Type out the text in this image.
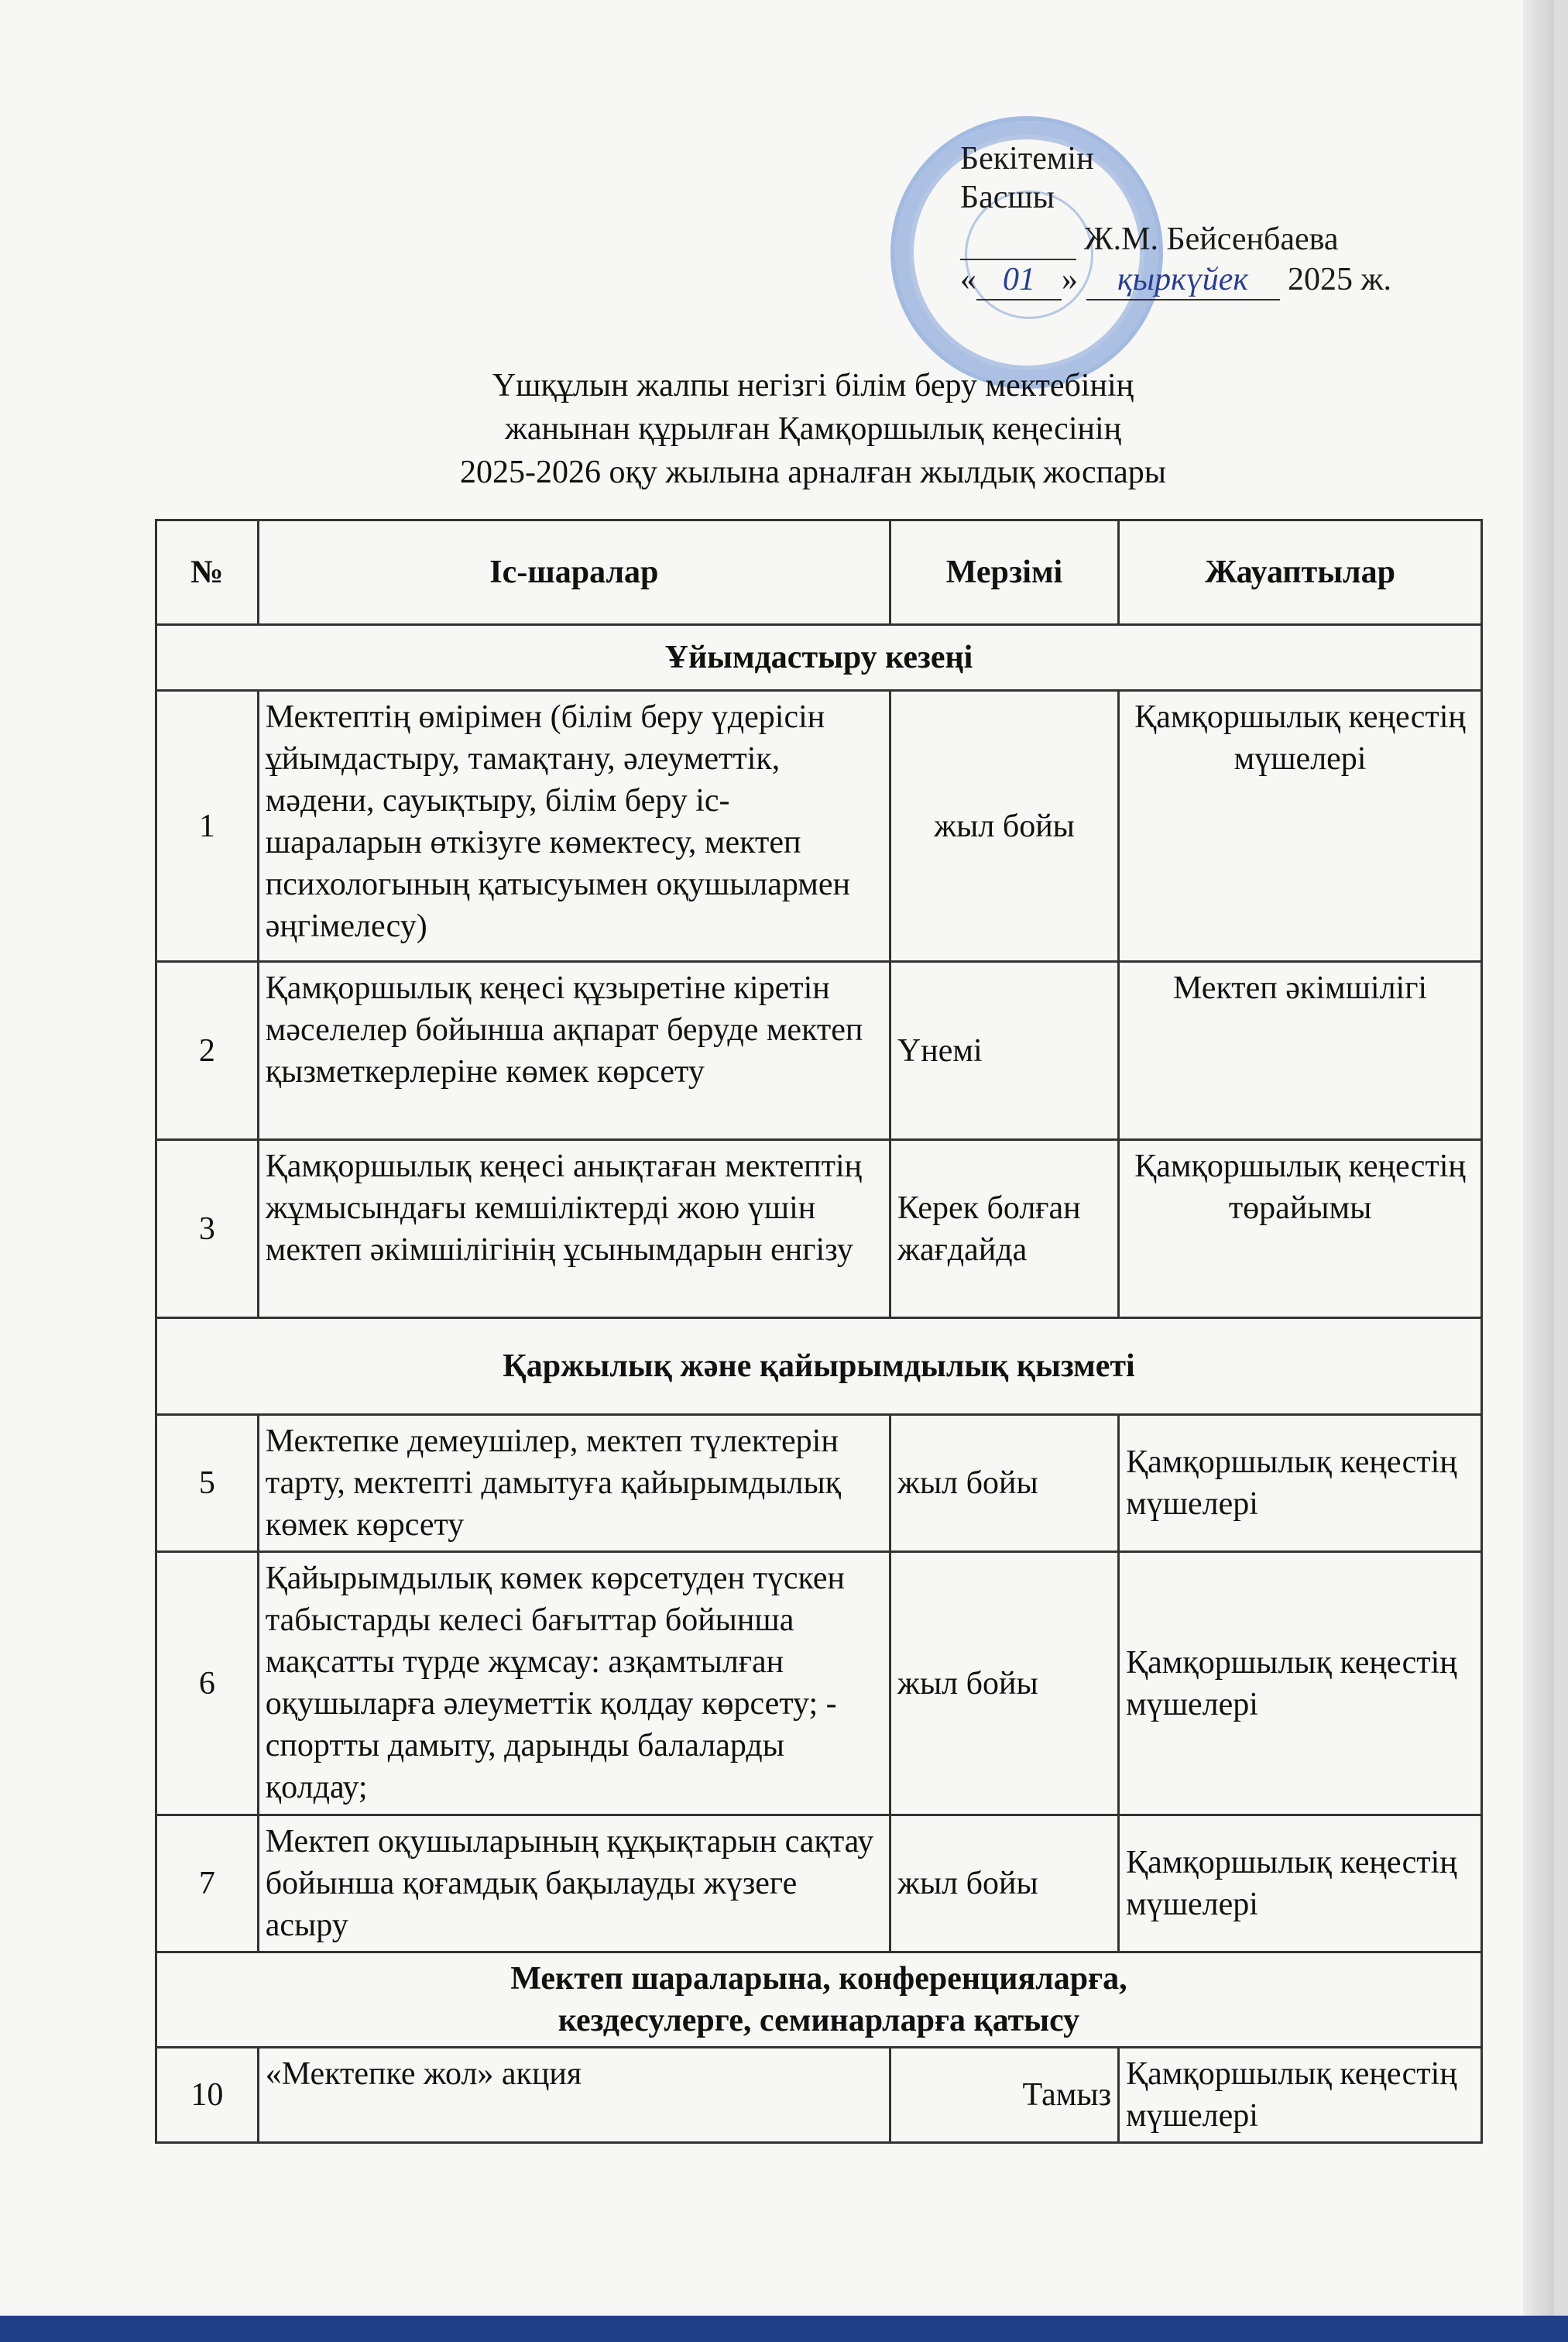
Бекітемін
Басшы
Ж.М. Бейсенбаева
« 01 » қыркүйек 2025 ж.
Үшқұлын жалпы негізгі білім беру мектебінің
жанынан құрылған Қамқоршылық кеңесінің
2025-2026 оқу жылына арналған жылдық жоспары
№	Іс-шаралар	Мерзімі	Жауаптылар
Ұйымдастыру кезеңі			
1	Мектептің өмірімен (білім беру үдерісін ұйымдастыру, тамақтану, әлеуметтік, мәдени, сауықтыру, білім беру іс-шараларын өткізуге көмектесу, мектеп психологының қатысуымен оқушылармен әңгімелесу)	жыл бойы	Қамқоршылық кеңестің мүшелері
2	Қамқоршылық кеңесі құзыретіне кіретін мәселелер бойынша ақпарат беруде мектеп қызметкерлеріне көмек көрсету	Үнемі	Мектеп әкімшілігі
3	Қамқоршылық кеңесі анықтаған мектептің жұмысындағы кемшіліктерді жою үшін мектеп әкімшілігінің ұсынымдарын енгізу	Керек болған жағдайда	Қамқоршылық кеңестің төрайымы
Қаржылық және қайырымдылық қызметі			
5	Мектепке демеушілер, мектеп түлектерін тарту, мектепті дамытуға қайырымдылық көмек көрсету	жыл бойы	Қамқоршылық кеңестің мүшелері
6	Қайырымдылық көмек көрсетуден түскен табыстарды келесі бағыттар бойынша мақсатты түрде жұмсау: азқамтылған оқушыларға әлеуметтік қолдау көрсету; - спортты дамыту, дарынды балаларды қолдау;	жыл бойы	Қамқоршылық кеңестің мүшелері
7	Мектеп оқушыларының құқықтарын сақтау бойынша қоғамдық бақылауды жүзеге асыру	жыл бойы	Қамқоршылық кеңестің мүшелері

Мектеп шараларына, конференцияларға,
кездесулерге, семинарларға қатысу			

10	«Мектепке жол» акция	Тамыз	Қамқоршылық кеңестің мүшелері
